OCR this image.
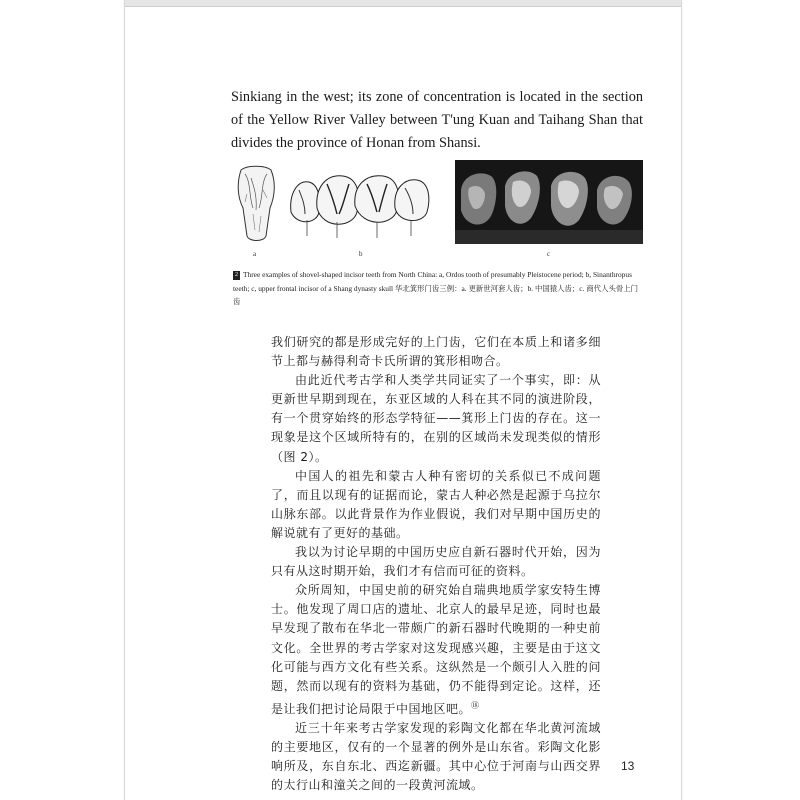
Sinkiang in the west; its zone of concentration is located in the section of the Yellow River Valley between T'ung Kuan and Taihang Shan that divides the province of Honan from Shansi.

a	b	c

2 Three examples of shovel-shaped incisor teeth from North China: a, Ordos tooth of presumably Pleistocene period; b, Sinanthropus teeth; c, upper frontal incisor of a Shang dynasty skull 华北箕形门齿三例：a. 更新世河套人齿；b. 中国猿人齿；c. 商代人头骨上门齿

我们研究的都是形成完好的上门齿，它们在本质上和诸多细节上都与赫得利奇卡氏所谓的箕形相吻合。

由此近代考古学和人类学共同证实了一个事实，即：从更新世早期到现在，东亚区域的人科在其不同的演进阶段，有一个贯穿始终的形态学特征——箕形上门齿的存在。这一现象是这个区域所特有的，在别的区域尚未发现类似的情形（图 2）。

中国人的祖先和蒙古人种有密切的关系似已不成问题了，而且以现有的证据而论，蒙古人种必然是起源于乌拉尔山脉东部。以此背景作为作业假说，我们对早期中国历史的解说就有了更好的基础。

我以为讨论早期的中国历史应自新石器时代开始，因为只有从这时期开始，我们才有信而可征的资料。

众所周知，中国史前的研究始自瑞典地质学家安特生博士。他发现了周口店的遗址、北京人的最早足迹，同时也最早发现了散布在华北一带颇广的新石器时代晚期的一种史前文化。全世界的考古学家对这发现感兴趣，主要是由于这文化可能与西方文化有些关系。这纵然是一个颇引人入胜的问题，然而以现有的资料为基础，仍不能得到定论。这样，还是让我们把讨论局限于中国地区吧。⑱

近三十年来考古学家发现的彩陶文化都在华北黄河流域的主要地区，仅有的一个显著的例外是山东省。彩陶文化影响所及，东自东北、西迄新疆。其中心位于河南与山西交界的太行山和潼关之间的一段黄河流域。

13
